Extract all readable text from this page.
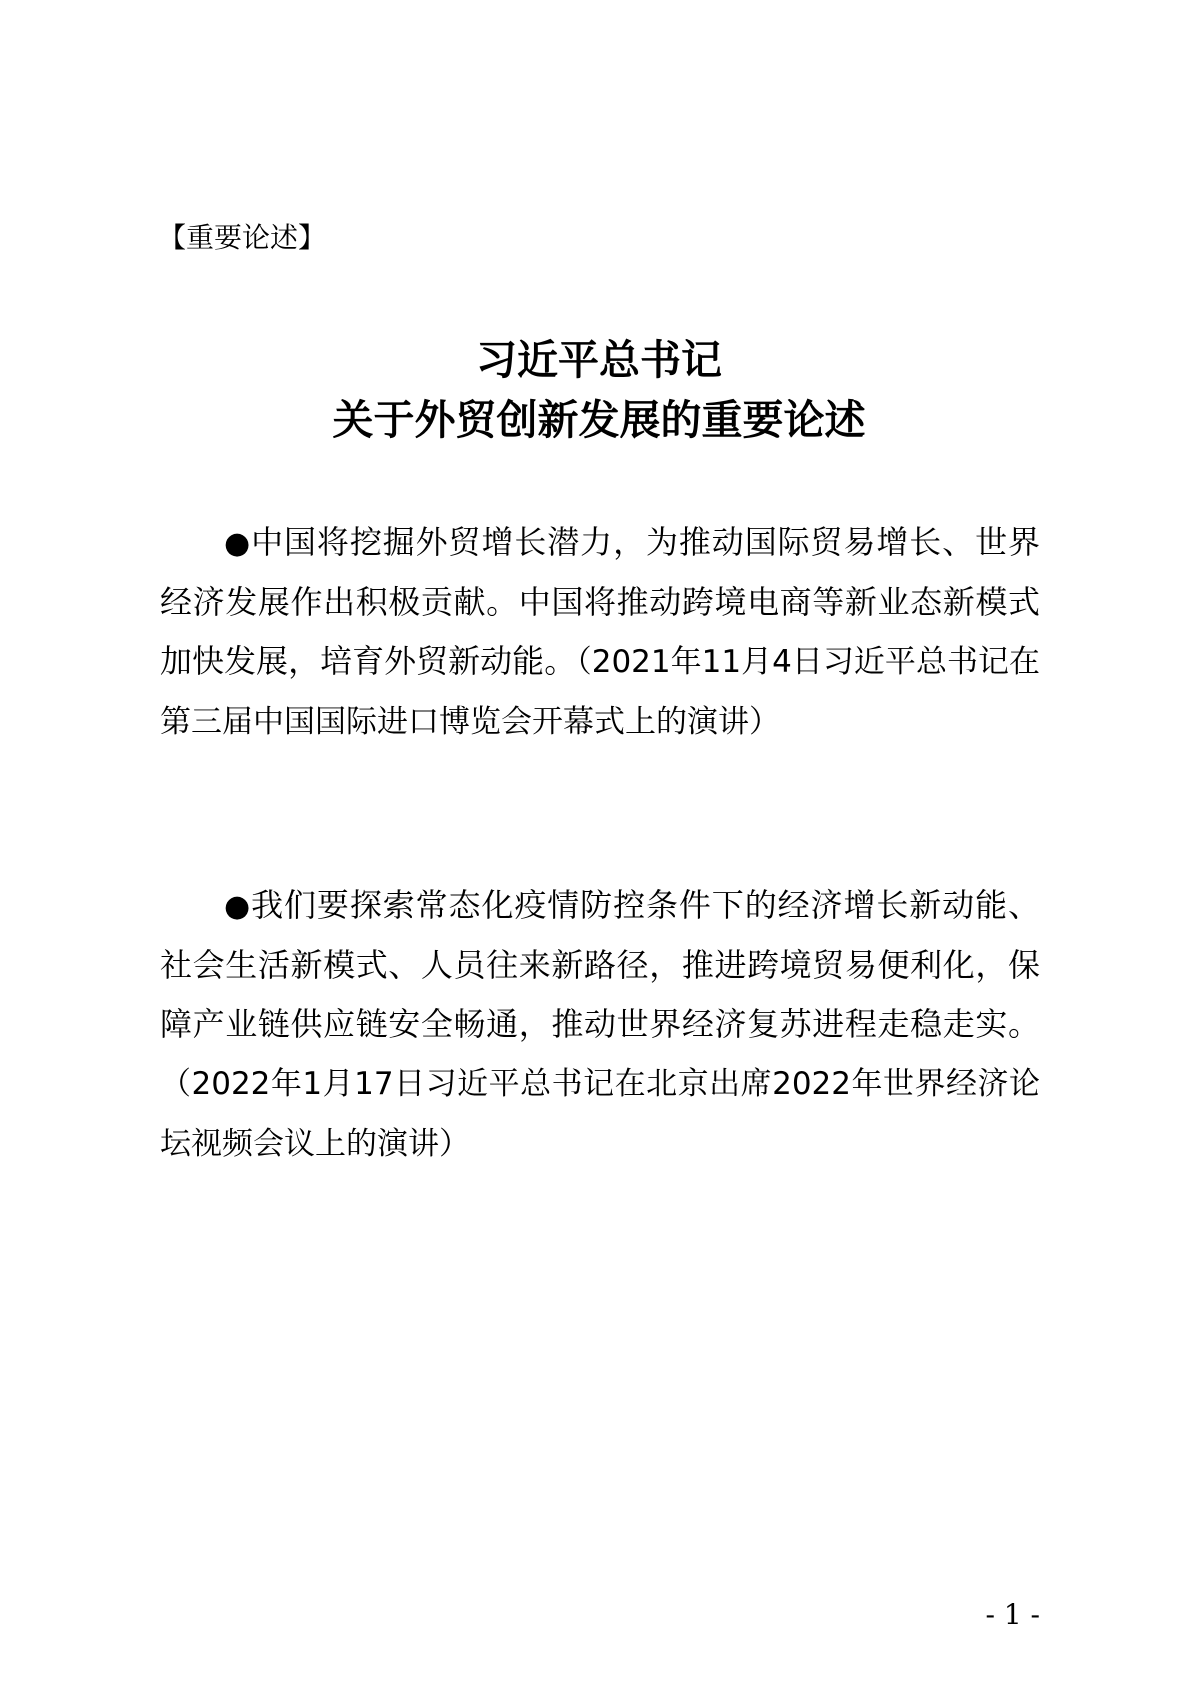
【重要论述】
习近平总书记
关于外贸创新发展的重要论述

●中国将挖掘外贸增长潜力，为推动国际贸易增长、世界经济发展作出积极贡献。中国将推动跨境电商等新业态新模式加快发展，培育外贸新动能。（2021年11月4日习近平总书记在第三届中国国际进口博览会开幕式上的演讲）

●我们要探索常态化疫情防控条件下的经济增长新动能、社会生活新模式、人员往来新路径，推进跨境贸易便利化，保障产业链供应链安全畅通，推动世界经济复苏进程走稳走实。（2022年1月17日习近平总书记在北京出席2022年世界经济论坛视频会议上的演讲）

- 1 -
